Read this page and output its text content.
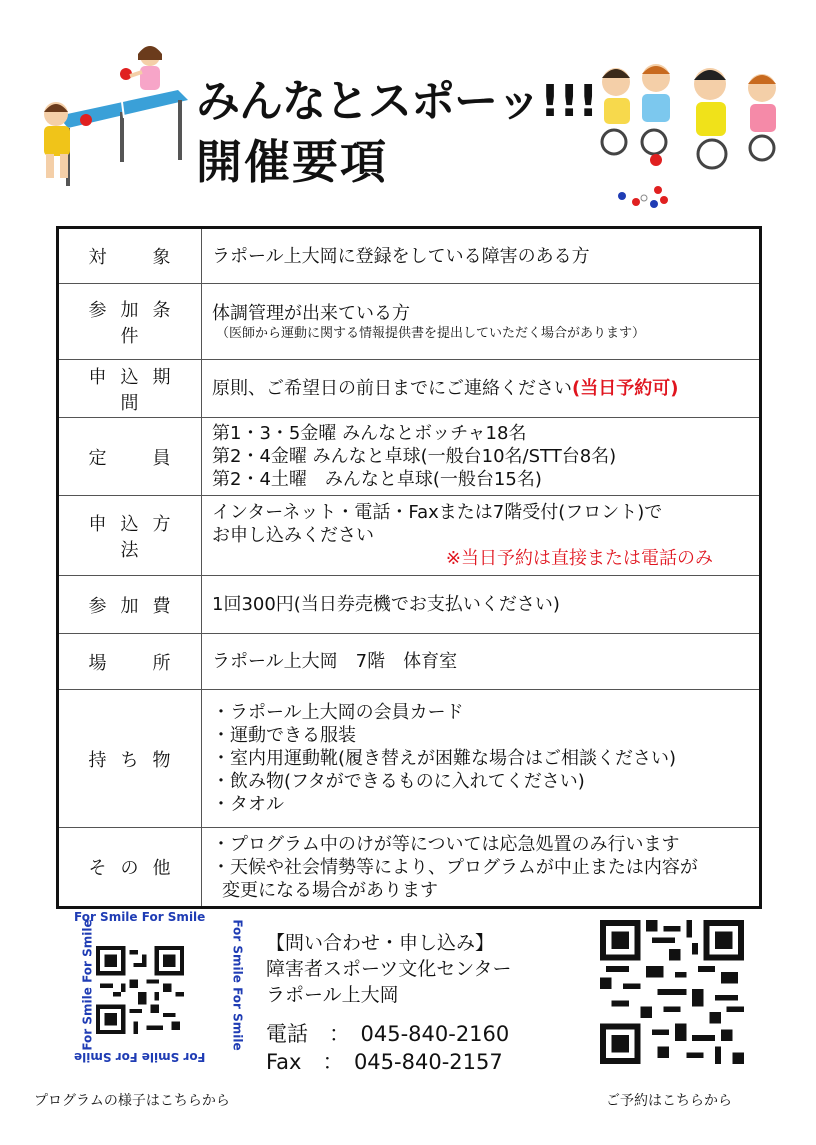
みんなとスポーッ!!!
開催要項
対　象	ラポール上大岡に登録をしている障害のある方

参加条件	体調管理が出来ている方
（医師から運動に関する情報提供書を提出していただく場合があります）

申込期間	原則、ご希望日の前日までにご連絡ください(当日予約可)
定　員	第1・3・5金曜 みんなとボッチャ18名
第2・4金曜 みんなと卓球(一般台10名/STT台8名)
第2・4土曜　みんなと卓球(一般台15名)

申込方法	インターネット・電話・Faxまたは7階受付(フロント)で
お申し込みください
※当日予約は直接または電話のみ

参加費	1回300円(当日券売機でお支払いください)

場　所	ラポール上大岡　7階　体育室

持ち物	・ラポール上大岡の会員カード
・運動できる服装
・室内用運動靴(履き替えが困難な場合はご相談ください)
・飲み物(フタができるものに入れてください)
・タオル

その他	・プログラム中のけが等については応急処置のみ行います
・天候や社会情勢等により、プログラムが中止または内容が
変更になる場合があります
For Smile For Smile
For Smile For Smile	For Smile For Smile
For Smile For Smile
【問い合わせ・申し込み】
障害者スポーツ文化センター
ラポール上大岡
電話　：　045-840-2160
Fax　：　045-840-2157
プログラムの様子はこちらから	ご予約はこちらから
